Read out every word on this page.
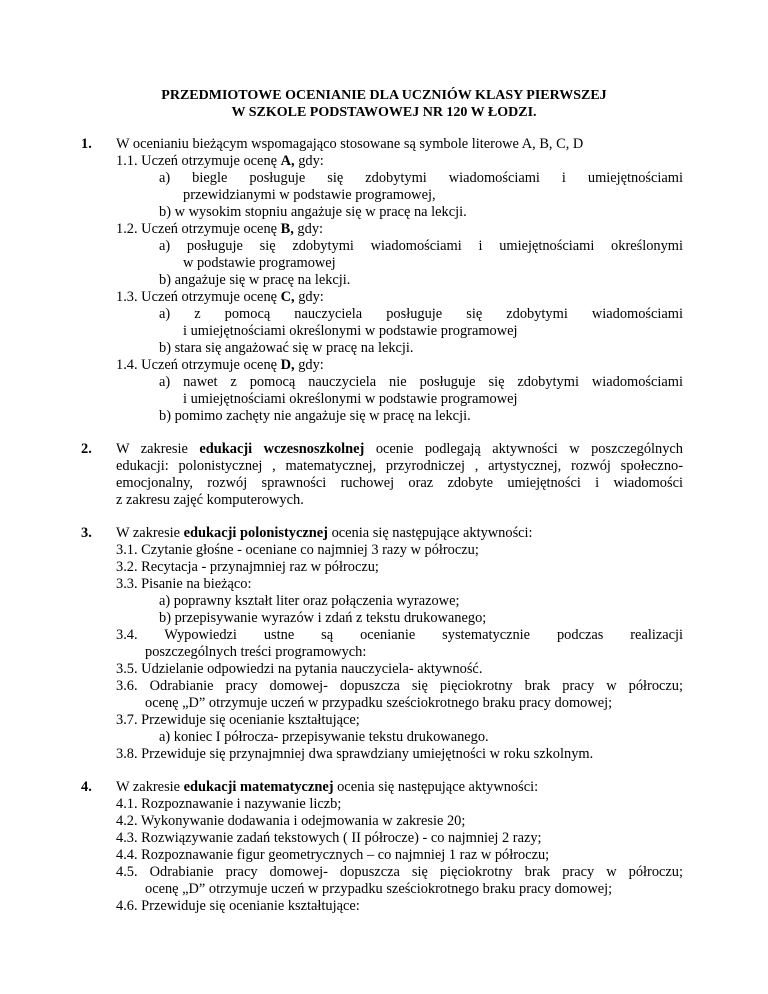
PRZEDMIOTOWE OCENIANIE DLA UCZNIÓW KLASY PIERWSZEJ
W SZKOLE PODSTAWOWEJ NR 120 W ŁODZI.
1. W ocenianiu bieżącym wspomagająco stosowane są symbole literowe A, B, C, D
1.1. Uczeń otrzymuje ocenę A, gdy:
a) biegle posługuje się zdobytymi wiadomościami i umiejętnościami
przewidzianymi w podstawie programowej,
b) w wysokim stopniu angażuje się w pracę na lekcji.
1.2. Uczeń otrzymuje ocenę B, gdy:
a) posługuje się zdobytymi wiadomościami i umiejętnościami określonymi
w podstawie programowej
b) angażuje się w pracę na lekcji.
1.3. Uczeń otrzymuje ocenę C, gdy:
a) z pomocą nauczyciela posługuje się zdobytymi wiadomościami
i umiejętnościami określonymi w podstawie programowej
b) stara się angażować się w pracę na lekcji.
1.4. Uczeń otrzymuje ocenę D, gdy:
a) nawet z pomocą nauczyciela nie posługuje się zdobytymi wiadomościami
i umiejętnościami określonymi w podstawie programowej
b) pomimo zachęty nie angażuje się w pracę na lekcji.
2. W zakresie edukacji wczesnoszkolnej ocenie podlegają aktywności w poszczególnych
edukacji: polonistycznej , matematycznej, przyrodniczej , artystycznej, rozwój społeczno-
emocjonalny, rozwój sprawności ruchowej oraz zdobyte umiejętności i wiadomości
z zakresu zajęć komputerowych.
3. W zakresie edukacji polonistycznej ocenia się następujące aktywności:
3.1. Czytanie głośne - oceniane co najmniej 3 razy w półroczu;
3.2. Recytacja - przynajmniej raz w półroczu;
3.3. Pisanie na bieżąco:
a) poprawny kształt liter oraz połączenia wyrazowe;
b) przepisywanie wyrazów i zdań z tekstu drukowanego;
3.4. Wypowiedzi ustne są ocenianie systematycznie podczas realizacji
poszczególnych treści programowych:
3.5. Udzielanie odpowiedzi na pytania nauczyciela- aktywność.
3.6. Odrabianie pracy domowej- dopuszcza się pięciokrotny brak pracy w półroczu;
ocenę „D” otrzymuje uczeń w przypadku sześciokrotnego braku pracy domowej;
3.7. Przewiduje się ocenianie kształtujące;
a) koniec I półrocza- przepisywanie tekstu drukowanego.
3.8. Przewiduje się przynajmniej dwa sprawdziany umiejętności w roku szkolnym.
4. W zakresie edukacji matematycznej ocenia się następujące aktywności:
4.1. Rozpoznawanie i nazywanie liczb;
4.2. Wykonywanie dodawania i odejmowania w zakresie 20;
4.3. Rozwiązywanie zadań tekstowych ( II półrocze) - co najmniej 2 razy;
4.4. Rozpoznawanie figur geometrycznych – co najmniej 1 raz w półroczu;
4.5. Odrabianie pracy domowej- dopuszcza się pięciokrotny brak pracy w półroczu;
ocenę „D” otrzymuje uczeń w przypadku sześciokrotnego braku pracy domowej;
4.6. Przewiduje się ocenianie kształtujące:
